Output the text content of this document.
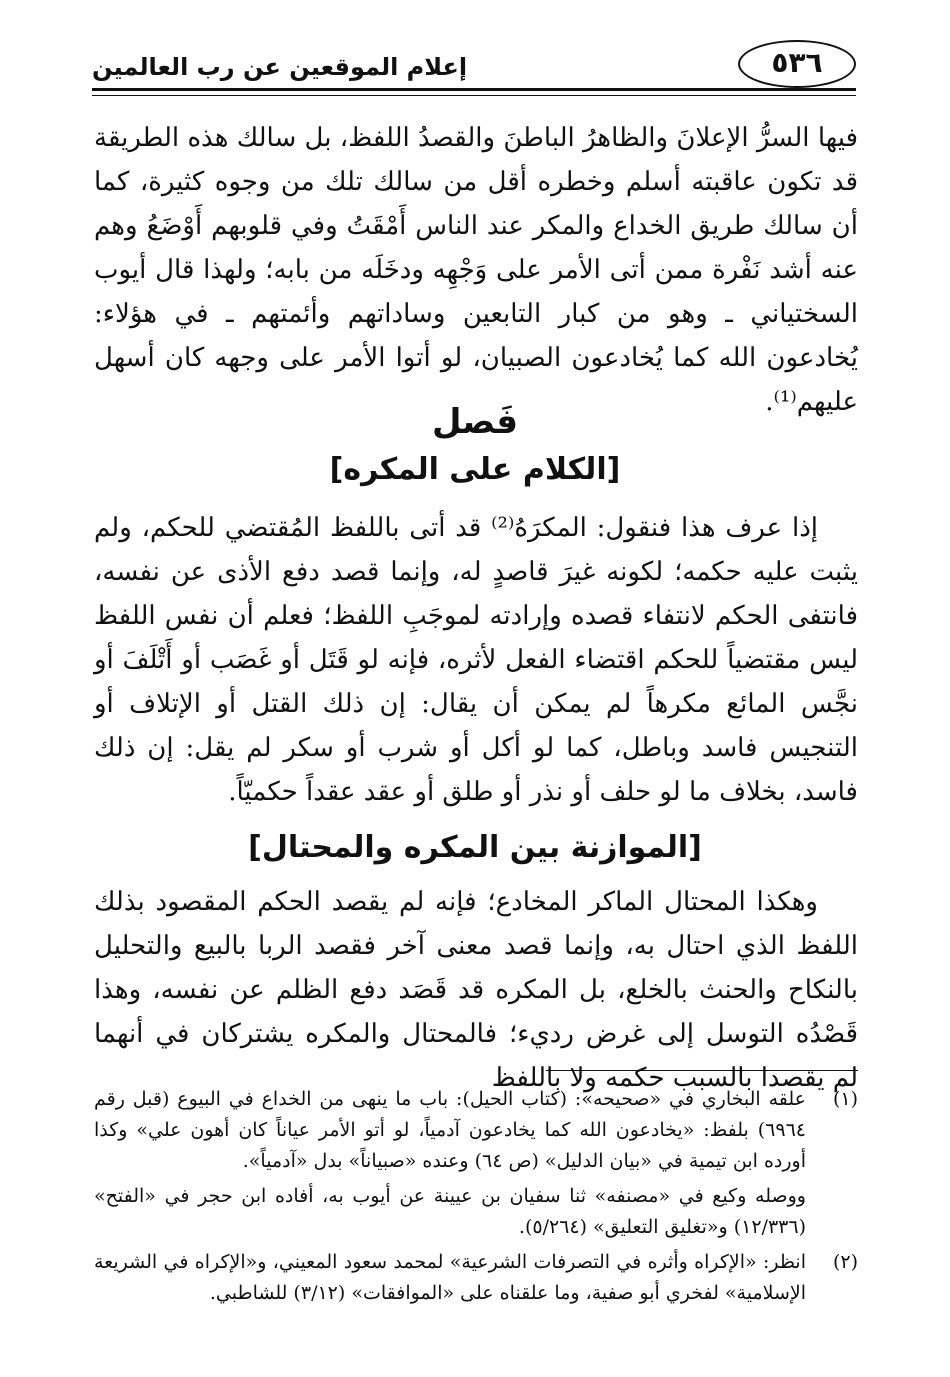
٥٣٦
إعلام الموقعين عن رب العالمين

فيها السرُّ الإعلانَ والظاهرُ الباطنَ والقصدُ اللفظ، بل سالك هذه الطريقة قد تكون عاقبته أسلم وخطره أقل من سالك تلك من وجوه كثيرة، كما أن سالك طريق الخداع والمكر عند الناس أَمْقَتُ وفي قلوبهم أَوْضَعُ وهم عنه أشد نَفْرة ممن أتى الأمر على وَجْهِه ودخَلَه من بابه؛ ولهذا قال أيوب السختياني ـ وهو من كبار التابعين وساداتهم وأئمتهم ـ في هؤلاء: يُخادعون الله كما يُخادعون الصبيان، لو أتوا الأمر على وجهه كان أسهل عليهم⁽¹⁾.

فَصل
[الكلام على المكره]

إذا عرف هذا فنقول: المكرَهُ⁽²⁾ قد أتى باللفظ المُقتضي للحكم، ولم يثبت عليه حكمه؛ لكونه غيرَ قاصدٍ له، وإنما قصد دفع الأذى عن نفسه، فانتفى الحكم لانتفاء قصده وإرادته لموجَبِ اللفظ؛ فعلم أن نفس اللفظ ليس مقتضياً للحكم اقتضاء الفعل لأثره، فإنه لو قَتَل أو غَصَب أو أَتْلَفَ أو نجَّس المائع مكرهاً لم يمكن أن يقال: إن ذلك القتل أو الإتلاف أو التنجيس فاسد وباطل، كما لو أكل أو شرب أو سكر لم يقل: إن ذلك فاسد، بخلاف ما لو حلف أو نذر أو طلق أو عقد عقداً حكميّاً.

[الموازنة بين المكره والمحتال]

وهكذا المحتال الماكر المخادع؛ فإنه لم يقصد الحكم المقصود بذلك اللفظ الذي احتال به، وإنما قصد معنى آخر فقصد الربا بالبيع والتحليل بالنكاح والحنث بالخلع، بل المكره قد قَصَد دفع الظلم عن نفسه، وهذا قَصْدُه التوسل إلى غرض رديء؛ فالمحتال والمكره يشتركان في أنهما لم يقصدا بالسبب حكمه ولا باللفظ

(١)
علقه البخاري في «صحيحه»: (كتاب الحيل): باب ما ينهى من الخداع في البيوع (قبل رقم ٦٩٦٤) بلفظ: «يخادعون الله كما يخادعون آدمياً، لو أتو الأمر عياناً كان أهون علي» وكذا أورده ابن تيمية في «بيان الدليل» (ص ٦٤) وعنده «صبياناً» بدل «آدمياً».
ووصله وكيع في «مصنفه» ثنا سفيان بن عيينة عن أيوب به، أفاده ابن حجر في «الفتح» (١٢/٣٣٦) و«تغليق التعليق» (٥/٢٦٤).
(٢)
انظر: «الإكراه وأثره في التصرفات الشرعية» لمحمد سعود المعيني، و«الإكراه في الشريعة الإسلامية» لفخري أبو صفية، وما علقناه على «الموافقات» (٣/١٢) للشاطبي.
